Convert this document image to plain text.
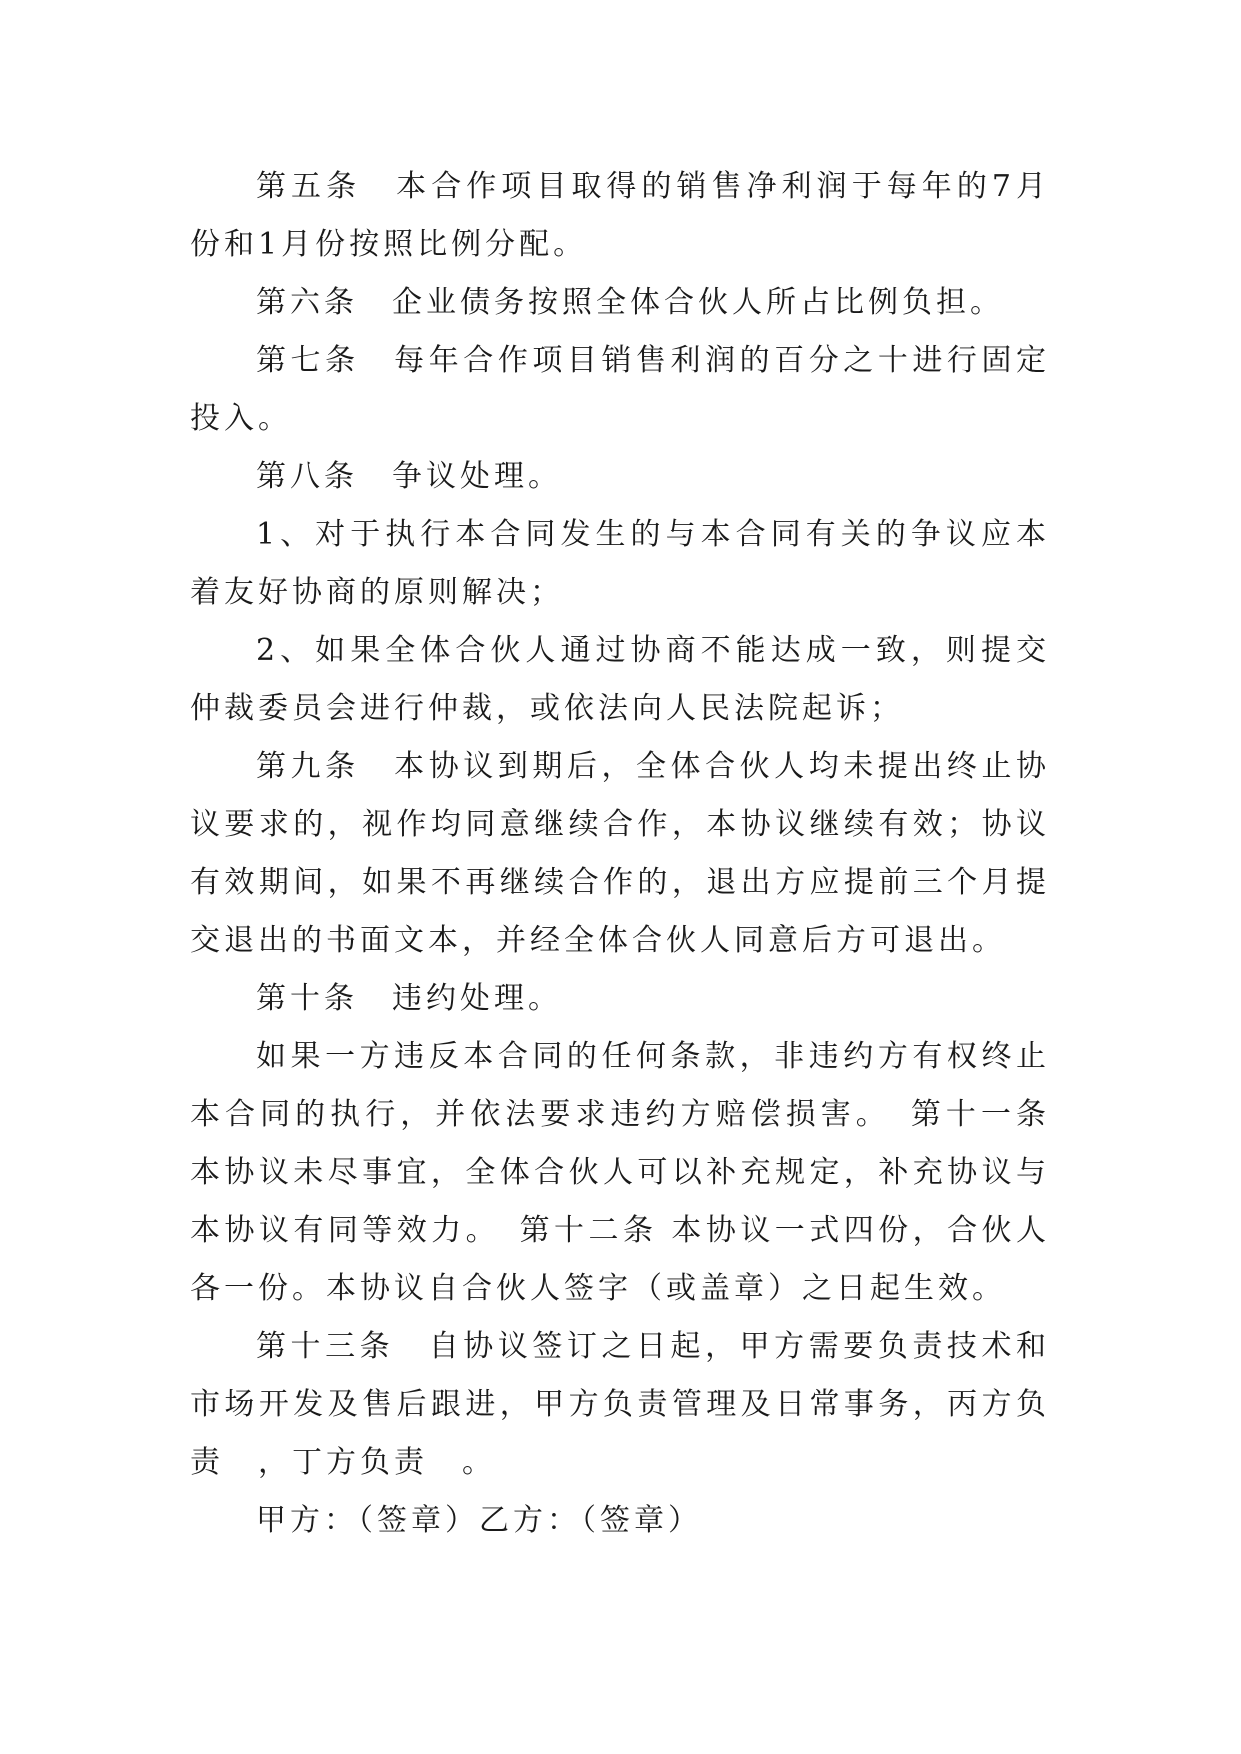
第五条　本合作项目取得的销售净利润于每年的7月份和1月份按照比例分配。

第六条　企业债务按照全体合伙人所占比例负担。

第七条　每年合作项目销售利润的百分之十进行固定投入。

第八条　争议处理。

1、对于执行本合同发生的与本合同有关的争议应本着友好协商的原则解决；

2、如果全体合伙人通过协商不能达成一致，则提交仲裁委员会进行仲裁，或依法向人民法院起诉；

第九条　本协议到期后，全体合伙人均未提出终止协议要求的，视作均同意继续合作，本协议继续有效；协议有效期间，如果不再继续合作的，退出方应提前三个月提交退出的书面文本，并经全体合伙人同意后方可退出。

第十条　违约处理。

如果一方违反本合同的任何条款，非违约方有权终止本合同的执行，并依法要求违约方赔偿损害。　第十一条 本协议未尽事宜，全体合伙人可以补充规定，补充协议与本协议有同等效力。　第十二条 本协议一式四份，合伙人各一份。本协议自合伙人签字（或盖章）之日起生效。

第十三条　自协议签订之日起，甲方需要负责技术和市场开发及售后跟进，甲方负责管理及日常事务，丙方负责　，丁方负责　。

甲方：（签章）乙方：（签章）
